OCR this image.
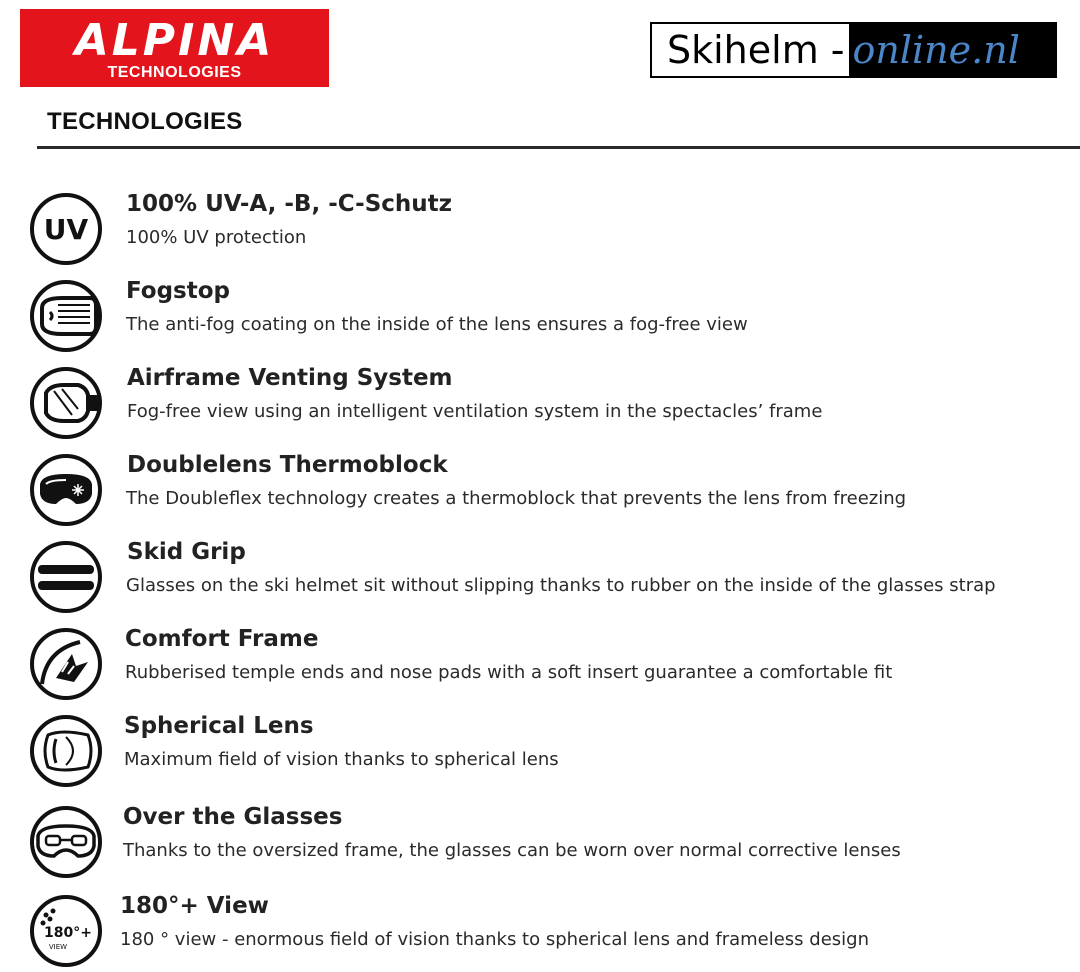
ALPINA
TECHNOLOGIES
Skihelm - online.nl
TECHNOLOGIES
UV
100% UV-A, -B, -C-Schutz
100% UV protection
Fogstop
The anti-fog coating on the inside of the lens ensures a fog-free view
Airframe Venting System
Fog-free view using an intelligent ventilation system in the spectacles’ frame
Doublelens Thermoblock
The Doubleflex technology creates a thermoblock that prevents the lens from freezing
Skid Grip
Glasses on the ski helmet sit without slipping thanks to rubber on the inside of the glasses strap
Comfort Frame
Rubberised temple ends and nose pads with a soft insert guarantee a comfortable fit
Spherical Lens
Maximum field of vision thanks to spherical lens
Over the Glasses
Thanks to the oversized frame, the glasses can be worn over normal corrective lenses
180°+
VIEW
180°+ View
180 ° view - enormous field of vision thanks to spherical lens and frameless design
